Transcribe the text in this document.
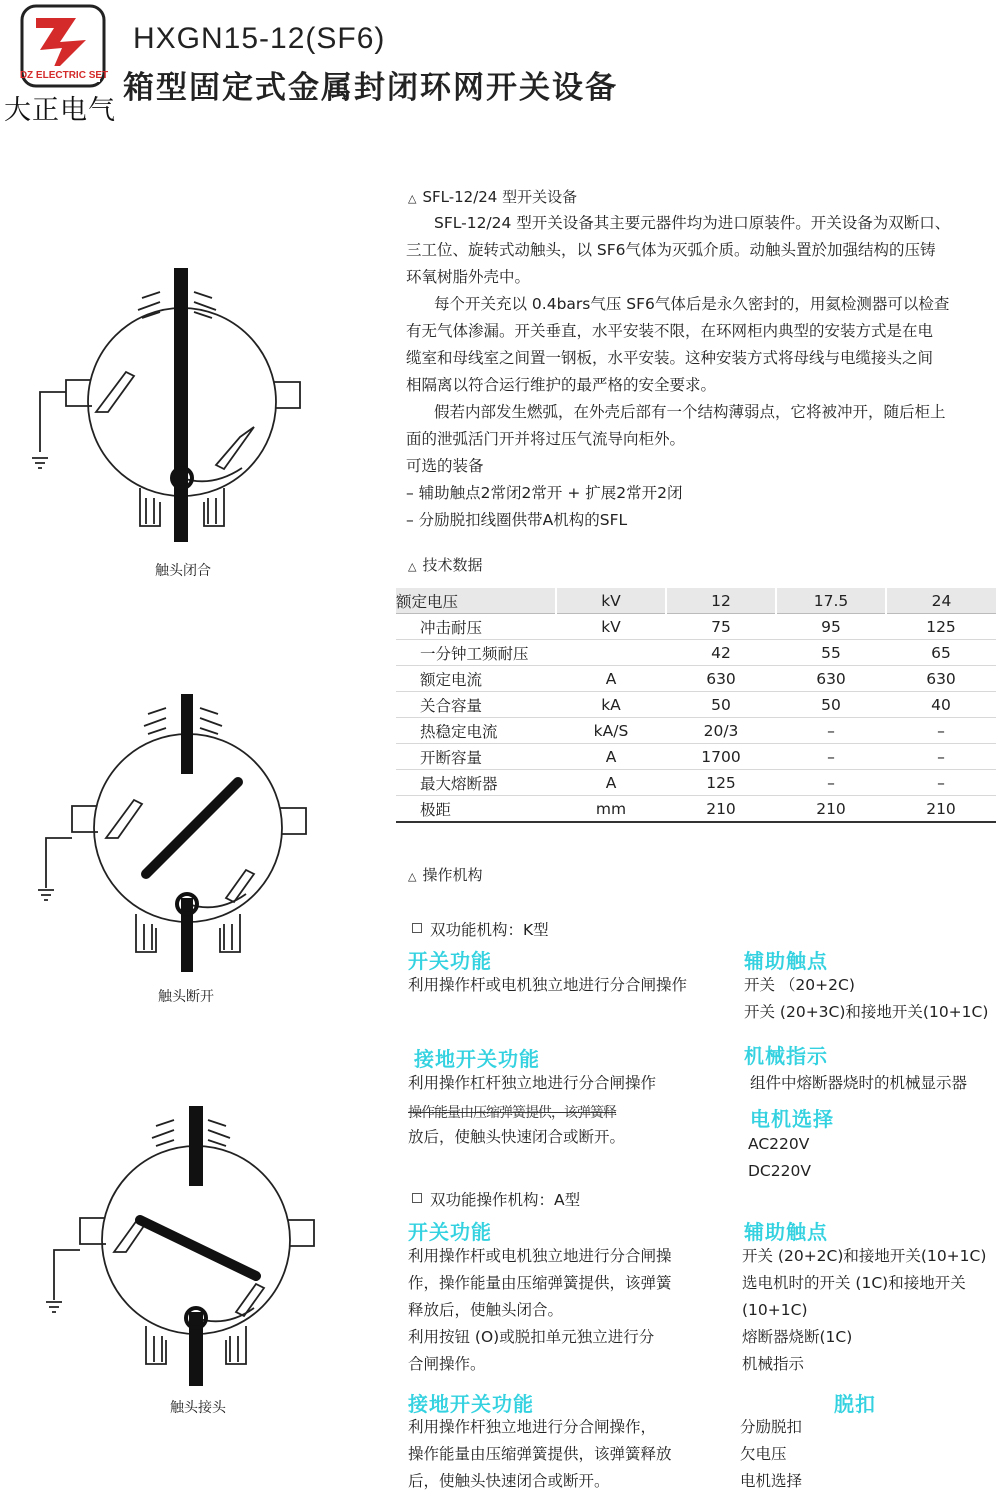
DZ ELECTRIC SET
大正电气
HXGN15-12(SF6)
箱型固定式金属封闭环网开关设备
触头闭合
触头断开
触头接头
△ SFL-12/24 型开关设备

SFL-12/24 型开关设备其主要元器件均为进口原装件。开关设备为双断口、

三工位、旋转式动触头，以 SF6气体为灭弧介质。动触头置於加强结构的压铸

环氧树脂外壳中。

每个开关充以 0.4bars气压 SF6气体后是永久密封的，用氦检测器可以检查

有无气体渗漏。开关垂直，水平安装不限，在环网柜内典型的安装方式是在电

缆室和母线室之间置一钢板，水平安装。这种安装方式将母线与电缆接头之间

相隔离以符合运行维护的最严格的安全要求。

假若内部发生燃弧，在外壳后部有一个结构薄弱点，它将被冲开，随后柜上

面的泄弧活门开并将过压气流导向柜外。

可选的装备

– 辅助触点2常闭2常开 + 扩展2常开2闭

– 分励脱扣线圈供带A机构的SFL

△ 技术数据
额定电压	kV	12	17.5	24
冲击耐压	kV	75	95	125
一分钟工频耐压		42	55	65
额定电流	A	630	630	630
关合容量	kA	50	50	40
热稳定电流	kA/S	20/3	–	–
开断容量	A	1700	–	–
最大熔断器	A	125	–	–
极距	mm	210	210	210
△ 操作机构
双功能机构：K型
开关功能
利用操作杆或电机独立地进行分合闸操作
辅助触点

开关 （20+2C)

开关 (20+3C)和接地开关(10+1C)

接地开关功能
利用操作杠杆独立地进行分合闸操作
操作能量由压缩弹簧提供，该弹簧释
放后，使触头快速闭合或断开。
机械指示
组件中熔断器烧时的机械显示器
电机选择

AC220V

DC220V

双功能操作机构：A型
开关功能

利用操作杆或电机独立地进行分合闸操

作，操作能量由压缩弹簧提供，该弹簧

释放后，使触头闭合。

利用按钮 (O)或脱扣单元独立进行分

合闸操作。

辅助触点

开关 (20+2C)和接地开关(10+1C)

选电机时的开关 (1C)和接地开关

(10+1C)

熔断器烧断(1C)

机械指示

接地开关功能

利用操作杆独立地进行分合闸操作，

操作能量由压缩弹簧提供，该弹簧释放

后，使触头快速闭合或断开。

脱扣

分励脱扣

欠电压

电机选择
